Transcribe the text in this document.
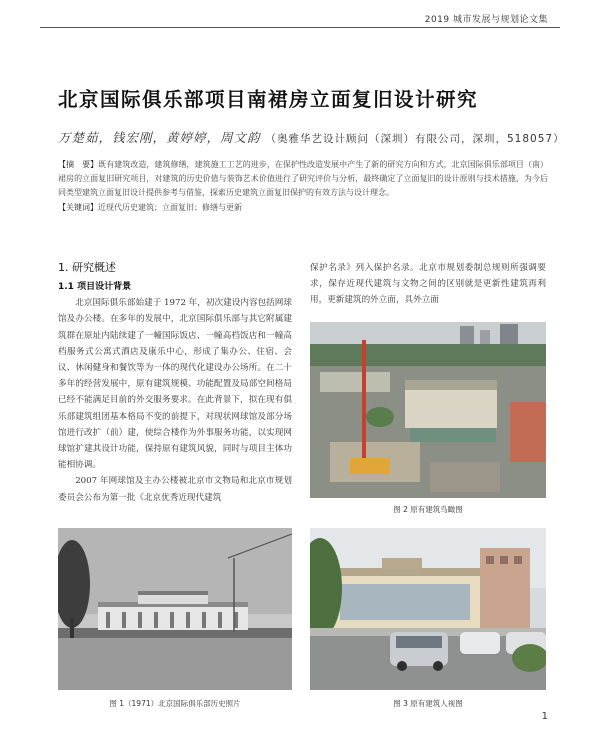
2019 城市发展与规划论文集
北京国际俱乐部项目南裙房立面复旧设计研究
万楚茹，钱宏刚，黄婷婷，周文韵 （奥雅华艺设计顾问（深圳）有限公司，深圳，518057）

【摘　要】既有建筑改造，建筑修缮，建筑施工工艺的进步，在保护性改造发展中产生了新的研究方向和方式，北京国际俱乐部项目（南）裙房的立面复旧研究项目，对建筑的历史价值与装饰艺术价值进行了研究评价与分析，最终确定了立面复旧的设计原则与技术措施，为今后同类型建筑立面复旧设计提供参考与借鉴，探索历史建筑立面复旧保护的有效方法与设计理念。

【关键词】近现代历史建筑；立面复旧；修缮与更新

1. 研究概述
1.1 项目设计背景

北京国际俱乐部始建于 1972 年，初次建设内容包括网球馆及办公楼。在多年的发展中，北京国际俱乐部与其它附属建筑群在原址内陆续建了一幢国际饭店、一幢高档饭店和一幢高档服务式公寓式酒店及康乐中心，形成了集办公、住宿、会议、休闲健身和餐饮等为一体的现代化建设办公场所。在二十多年的经营发展中，原有建筑规模、功能配置及局部空间格局已经不能满足目前的外交服务要求。在此背景下，拟在现有俱乐部建筑组团基本格局不变的前提下，对现状网球馆及部分场馆进行改扩（前）建，使综合楼作为外事服务功能，以实现网球馆扩建其设计功能，保持原有建筑风貌，同时与项目主体功能相协调。

2007 年网球馆及主办公楼被北京市文物局和北京市规划委员会公布为第一批《北京优秀近现代建筑

保护名录》列入保护名录。北京市规划委制总规则所强调要求，保存近现代建筑与文物之间的区别就是更新性建筑再利用，更新建筑的外立面，具外立面

图 2 原有建筑鸟瞰图
图 1（1971）北京国际俱乐部历史照片	图 3 原有建筑人视图
1
